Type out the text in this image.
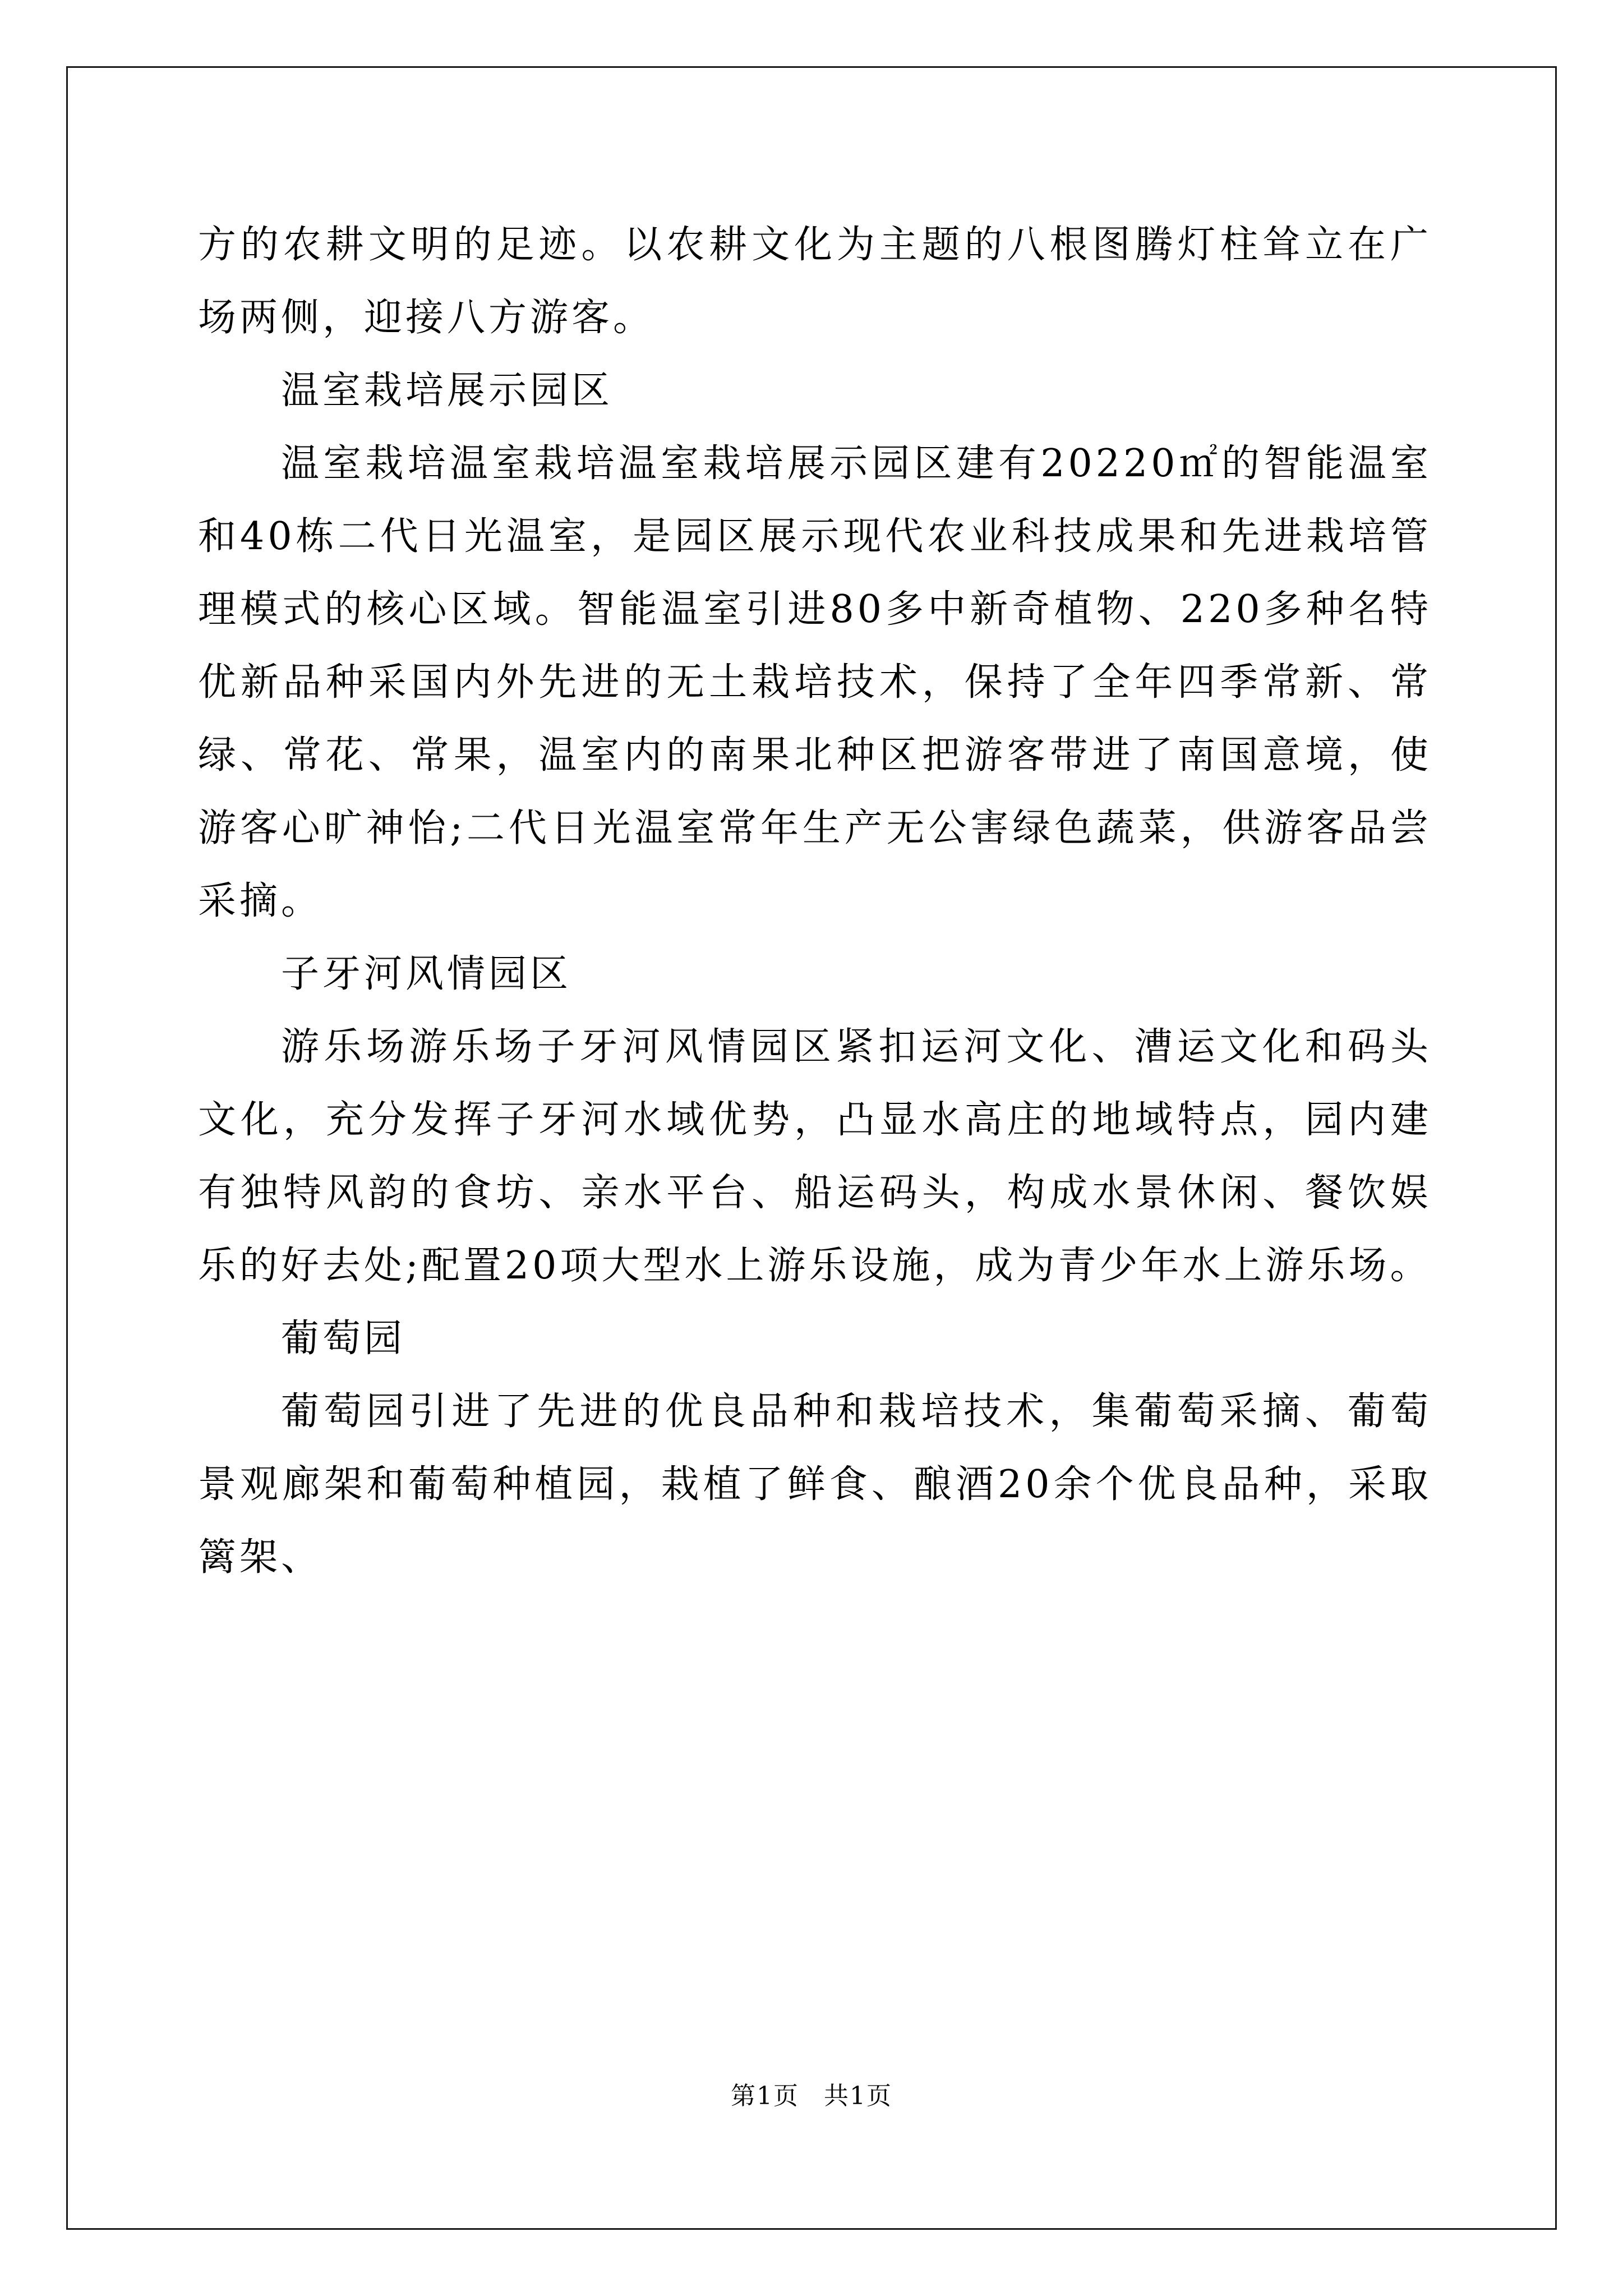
方的农耕文明的足迹。以农耕文化为主题的八根图腾灯柱耸立在广场两侧，迎接八方游客。

温室栽培展示园区

温室栽培温室栽培温室栽培展示园区建有20220㎡的智能温室和40栋二代日光温室，是园区展示现代农业科技成果和先进栽培管理模式的核心区域。智能温室引进80多中新奇植物、220多种名特优新品种采国内外先进的无土栽培技术，保持了全年四季常新、常绿、常花、常果，温室内的南果北种区把游客带进了南国意境，使游客心旷神怡;二代日光温室常年生产无公害绿色蔬菜，供游客品尝采摘。

子牙河风情园区

游乐场游乐场子牙河风情园区紧扣运河文化、漕运文化和码头文化，充分发挥子牙河水域优势，凸显水高庄的地域特点，园内建有独特风韵的食坊、亲水平台、船运码头，构成水景休闲、餐饮娱乐的好去处;配置20项大型水上游乐设施，成为青少年水上游乐场。

葡萄园

葡萄园引进了先进的优良品种和栽培技术，集葡萄采摘、葡萄景观廊架和葡萄种植园，栽植了鲜食、酿酒20余个优良品种，采取篱架、

第1页 共1页
